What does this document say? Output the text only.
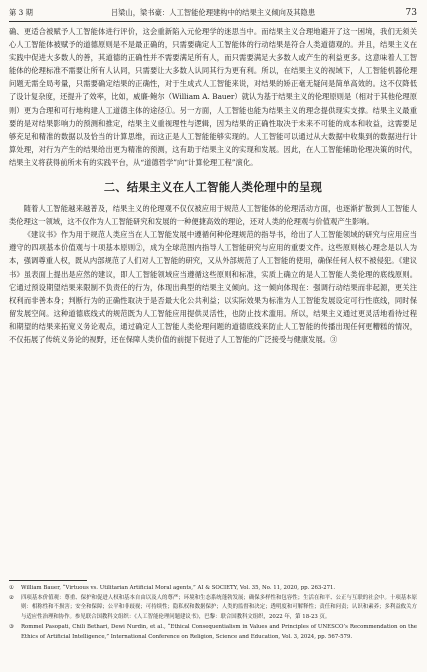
第 3 期	吕梁山，梁书豪：人工智能伦理建构中的结果主义倾向及其隐患	73

确、更适合被赋予人工智能体进行评价，这会重新陷入元伦理学的迷思当中。而结果主义合理地避开了这一困境，我们无须关心人工智能体被赋予的道德原则是不是最正确的，只需要确定人工智能体的行动结果是符合人类道德观的。并且，结果主义在实践中促进大多数人的善，其道德的正确性并不需要满足所有人，而只需要满足大多数人或产生的利益更多。这意味着人工智能体的伦理标准不需要让所有人认同，只需要让大多数人认同其行为更有利。所以，在结果主义的视域下，人工智能机器伦理问题无需全局考量，只需要确定结果的正确性，对于生成式人工智能来说，对结果的矫正毫无疑问是简单高效的。这不仅降低了设计复杂度，还提升了效率，比如，威廉·鲍尔（William A. Bauer）就认为基于结果主义的伦理原则是（相对于其他伦理原则）更为合理和可行地构建人工道德主体的途径①。另一方面，人工智能也能为结果主义的理念提供现实支撑。结果主义最重要的是对结果影响力的预测和推定，结果主义重视理性与逻辑，因为结果的正确性取决于未来不可能的成本和收益，这需要足够充足和精准的数据以及恰当的计算思维，而这正是人工智能能够实现的。人工智能可以通过从大数据中收集到的数据进行计算处理，对行为产生的结果给出更为精准的预测，这有助于结果主义的实现和发展。因此，在人工智能辅助伦理决策的时代，结果主义将获得前所未有的实践平台，从“道德哲学”向“计算伦理工程”演化。

二、结果主义在人工智能人类伦理中的呈现

随着人工智能越来越普及，结果主义的伦理观不仅仅被应用于规范人工智能体的伦理活动方面，也逐渐扩散到人工智能人类伦理这一领域，这不仅作为人工智能研究和发展的一种便捷高效的理论，还对人类的伦理观与价值观产生影响。

《建议书》作为用于规范人类应当在人工智能发展中遵循何种伦理规范的指导书，给出了人工智能领域的研究与应用应当遵守的四项基本价值观与十项基本原则②，成为全球范围内指导人工智能研究与应用的重要文件。这些原则核心理念是以人为本，强调尊重人权，既从内部规范了人们对人工智能的研究，又从外部规范了人工智能的使用，确保任何人权不被侵犯。《建议书》虽表面上提出是应然的建议，即人工智能领域应当遵循这些原则和标准，实质上确立的是人工智能人类伦理的底线原则。它通过预设期望结果来限制不负责任的行为，体现出典型的结果主义倾向。这一倾向体现在：强调行动结果而非起源，更关注权利而非善本身；判断行为的正确性取决于是否最大化公共利益；以实际效果为标准为人工智能发展设定可行性底线，同时保留发展空间。这种道德底线式的规范既为人工智能应用提供灵活性，也防止技术滥用。所以，结果主义通过更灵活地看待过程和期望的结果来拓宽义务论观点，通过确定人工智能人类伦理问题的道德底线来防止人工智能的传播出现任何更糟糕的情况，不仅拓展了传统义务论的视野，还在保障人类价值的前提下促进了人工智能的广泛接受与健康发展。③

① William Bauer, “Virtuous vs. Utilitarian Artificial Moral agents,” AI & SOCIETY, Vol. 35, No. 11, 2020, pp. 263-271.
② 四项基本价值观：尊重、保护和促进人权和基本自由以及人的尊严；环境和生态系统蓬勃发展；确保多样性和包容性；生活在和平、公正与互联的社会中。十项基本原则：相称性和不损害；安全和保障；公平和非歧视；可持续性；隐私权和数据保护；人类的监督和决定；透明度和可解释性；责任和问责；认识和素养；多利益攸关方与适应性治理和协作。参见联合国教科文组织：《人工智能伦理问题建议书》，巴黎：联合国教科文组织，2022 年，第 18-23 页。
③ Rommel Pasopati, Chili Bethari, Dewi Nurdin, et al., “Ethical Consequentialism in Values and Principles of UNESCO’s Recommendation on the Ethics of Artificial Intelligence,” International Conference on Religion, Science and Education, Vol. 3, 2024, pp. 567-579.
